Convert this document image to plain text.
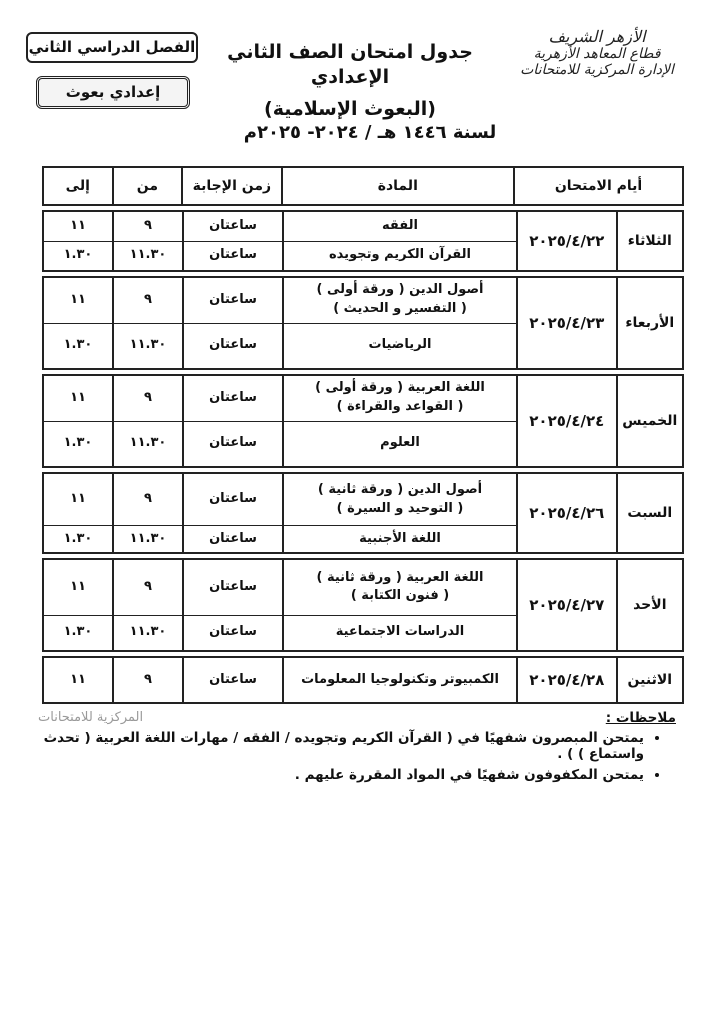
الأزهر الشريف
قطاع المعاهد الأزهرية
الإدارة المركزية للامتحانات
جدول امتحان الصف الثاني الإعدادي
(البعوث الإسلامية)
لسنة ١٤٤٦ هـ / ٢٠٢٤- ٢٠٢٥م
الفصل الدراسي الثاني
إعدادي بعوث
أيام الامتحان
المادة
زمن الإجابة
من
إلى
الثلاثاء
٢٠٢٥/٤/٢٢
الفقه
ساعتان
٩
١١
القرآن الكريم وتجويده
ساعتان
١١.٣٠
١.٣٠
الأربعاء
٢٠٢٥/٤/٢٣
أصول الدين ( ورقة أولى )
( التفسير و الحديث )
ساعتان
٩
١١
الرياضيات
ساعتان
١١.٣٠
١.٣٠
الخميس
٢٠٢٥/٤/٢٤
اللغة العربية ( ورقة أولى )
( القواعد والقراءة )
ساعتان
٩
١١
العلوم
ساعتان
١١.٣٠
١.٣٠
السبت
٢٠٢٥/٤/٢٦
أصول الدين ( ورقة ثانية )
( التوحيد و السيرة )
ساعتان
٩
١١
اللغة الأجنبية
ساعتان
١١.٣٠
١.٣٠
الأحد
٢٠٢٥/٤/٢٧
اللغة العربية ( ورقة ثانية )
( فنون الكتابة )
ساعتان
٩
١١
الدراسات الاجتماعية
ساعتان
١١.٣٠
١.٣٠
الاثنين
٢٠٢٥/٤/٢٨
الكمبيوتر وتكنولوجيا المعلومات
ساعتان
٩
١١
المركزية للامتحانات	ملاحظات :
• يمتحن المبصرون شفهيًا في ( القرآن الكريم وتجويده / الفقه / مهارات اللغة العربية ( تحدث واستماع ) ) .
• يمتحن المكفوفون شفهيًا في المواد المقررة عليهم .
